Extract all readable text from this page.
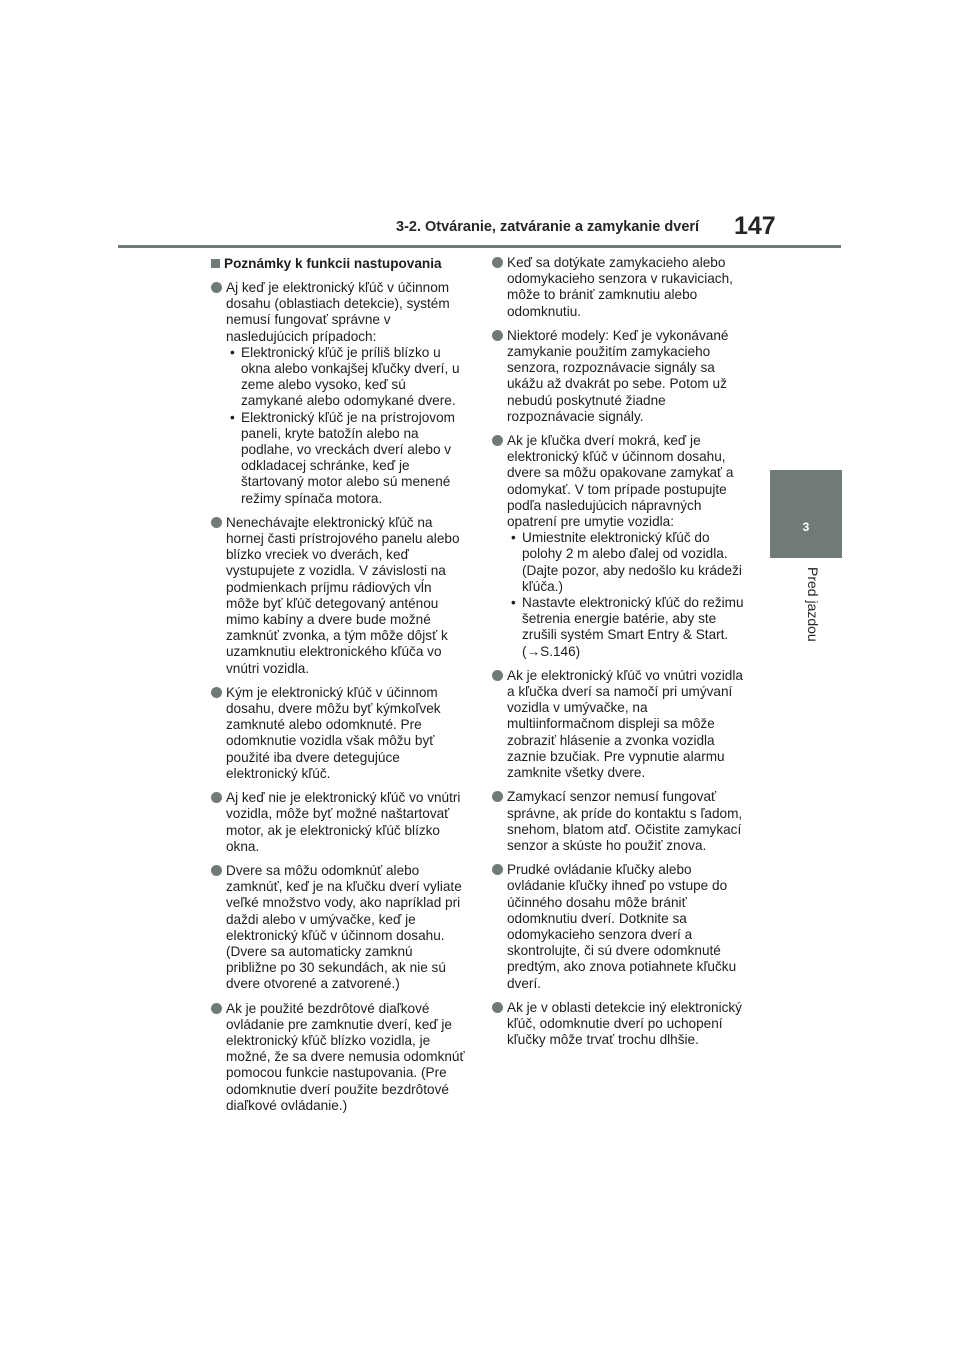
3-2. Otváranie, zatváranie a zamykanie dverí 147
3
Pred jazdou
Poznámky k funkcii nastupovania
Aj keď je elektronický kľúč v účinnom dosahu (oblastiach detekcie), systém nemusí fungovať správne v nasledujúcich prípadoch:
• Elektronický kľúč je príliš blízko u okna alebo vonkajšej kľučky dverí, u zeme alebo vysoko, keď sú zamykané alebo odomykané dvere.
• Elektronický kľúč je na prístrojovom paneli, kryte batožín alebo na podlahe, vo vreckách dverí alebo v odkladacej schránke, keď je štartovaný motor alebo sú menené režimy spínača motora.
Nenechávajte elektronický kľúč na hornej časti prístrojového panelu alebo blízko vreciek vo dverách, keď vystupujete z vozidla. V závislosti na podmienkach príjmu rádiových vĺn môže byť kľúč detegovaný anténou mimo kabíny a dvere bude možné zamknúť zvonka, a tým môže dôjsť k uzamknutiu elektronického kľúča vo vnútri vozidla.
Kým je elektronický kľúč v účinnom dosahu, dvere môžu byť kýmkoľvek zamknuté alebo odomknuté. Pre odomknutie vozidla však môžu byť použité iba dvere detegujúce elektronický kľúč.
Aj keď nie je elektronický kľúč vo vnútri vozidla, môže byť možné naštartovať motor, ak je elektronický kľúč blízko okna.
Dvere sa môžu odomknúť alebo zamknúť, keď je na kľučku dverí vyliate veľké množstvo vody, ako napríklad pri daždi alebo v umývačke, keď je elektronický kľúč v účinnom dosahu. (Dvere sa automaticky zamknú približne po 30 sekundách, ak nie sú dvere otvorené a zatvorené.)
Ak je použité bezdrôtové diaľkové ovládanie pre zamknutie dverí, keď je elektronický kľúč blízko vozidla, je možné, že sa dvere nemusia odomknúť pomocou funkcie nastupovania. (Pre odomknutie dverí použite bezdrôtové diaľkové ovládanie.)
Keď sa dotýkate zamykacieho alebo odomykacieho senzora v rukaviciach, môže to brániť zamknutiu alebo odomknutiu.
Niektoré modely: Keď je vykonávané zamykanie použitím zamykacieho senzora, rozpoznávacie signály sa ukážu až dvakrát po sebe. Potom už nebudú poskytnuté žiadne rozpoznávacie signály.
Ak je kľučka dverí mokrá, keď je elektronický kľúč v účinnom dosahu, dvere sa môžu opakovane zamykať a odomykať. V tom prípade postupujte podľa nasledujúcich nápravných opatrení pre umytie vozidla:
• Umiestnite elektronický kľúč do polohy 2 m alebo ďalej od vozidla. (Dajte pozor, aby nedošlo ku krádeži kľúča.)
• Nastavte elektronický kľúč do režimu šetrenia energie batérie, aby ste zrušili systém Smart Entry & Start. (→S.146)
Ak je elektronický kľúč vo vnútri vozidla a kľučka dverí sa namočí pri umývaní vozidla v umývačke, na multiinformačnom displeji sa môže zobraziť hlásenie a zvonka vozidla zaznie bzučiak. Pre vypnutie alarmu zamknite všetky dvere.
Zamykací senzor nemusí fungovať správne, ak príde do kontaktu s ľadom, snehom, blatom atď. Očistite zamykací senzor a skúste ho použiť znova.
Prudké ovládanie kľučky alebo ovládanie kľučky ihneď po vstupe do účinného dosahu môže brániť odomknutiu dverí. Dotknite sa odomykacieho senzora dverí a skontrolujte, či sú dvere odomknuté predtým, ako znova potiahnete kľučku dverí.
Ak je v oblasti detekcie iný elektronický kľúč, odomknutie dverí po uchopení kľučky môže trvať trochu dlhšie.
